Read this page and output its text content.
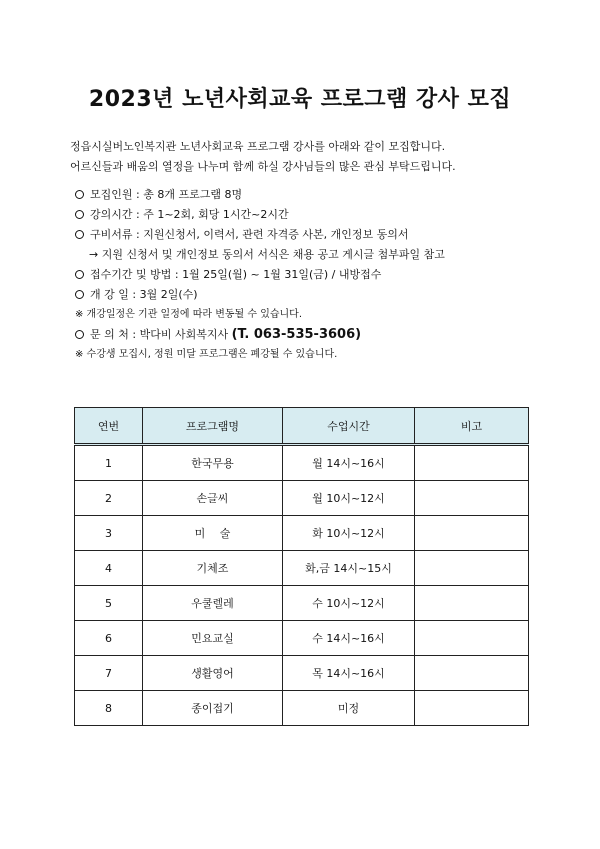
2023년 노년사회교육 프로그램 강사 모집

정읍시실버노인복지관 노년사회교육 프로그램 강사를 아래와 같이 모집합니다.

어르신들과 배움의 열정을 나누며 함께 하실 강사님들의 많은 관심 부탁드립니다.

모집인원 : 총 8개 프로그램 8명
강의시간 : 주 1~2회, 회당 1시간~2시간
구비서류 : 지원신청서, 이력서, 관련 자격증 사본, 개인정보 동의서
→ 지원 신청서 및 개인정보 동의서 서식은 채용 공고 게시글 첨부파일 참고
접수기간 및 방법 : 1월 25일(월) ~ 1월 31일(금) / 내방접수
개 강 일 : 3월 2일(수)
※ 개강일정은 기관 일정에 따라 변동될 수 있습니다.
문 의 처 : 박다비 사회복지사 (T. 063-535-3606)
※ 수강생 모집시, 정원 미달 프로그램은 폐강될 수 있습니다.
연번	프로그램명	수업시간	비고
1	한국무용	월 14시~16시	
2	손글씨	월 10시~12시	
3	미　 술	화 10시~12시	
4	기체조	화,금 14시~15시	
5	우쿨렐레	수 10시~12시	
6	민요교실	수 14시~16시	
7	생활영어	목 14시~16시	
8	종이접기	미정	
